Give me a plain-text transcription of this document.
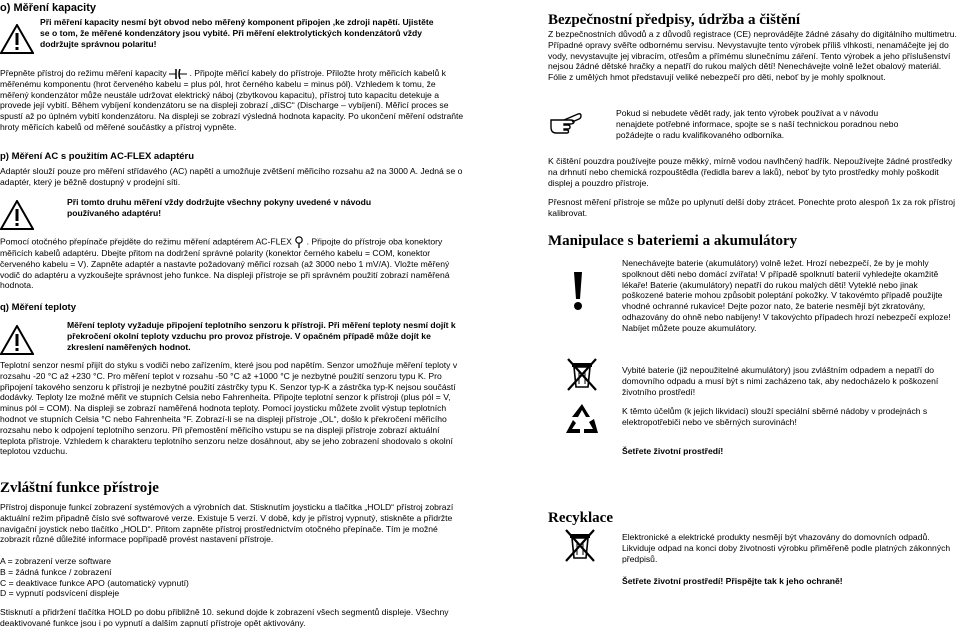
o) Měření kapacity

Při měření kapacity nesmí být obvod nebo měřený komponent připojen ,ke zdroji napětí. Ujistěte se o tom, že měřené kondenzátory jsou vybité. Při měření elektrolytických kondenzátorů vždy dodržujte správnou polaritu!

Přepněte přístroj do režimu měření kapacity	. Připojte měřicí kabely do přístroje. Přiložte hroty měřicích kabelů k měřenému komponentu (hrot červeného kabelu = plus pól, hrot černého kabelu = minus pól). Vzhledem k tomu, že měřený kondenzátor může neustále udržovat elektrický náboj (zbytkovou kapacitu), přístroj tuto kapacitu detekuje a provede její vybití. Během vybíjení kondenzátoru se na displeji zobrazí „diSC“ (Discharge – vybíjení). Měřicí proces se spustí až po úplném vybití kondenzátoru. Na displeji se zobrazí výsledná hodnota kapacity. Po ukončení měření odstraňte hroty měřicích kabelů od měřené součástky a přístroj vypněte.

p) Měření AC s použitím AC-FLEX adaptéru

Adaptér slouží pouze pro měření střídavého (AC) napětí a umožňuje zvětšení měřicího rozsahu až na 3000 A. Jedná se o adaptér, který je běžně dostupný v prodejní síti.

Při tomto druhu měření vždy dodržujte všechny pokyny uvedené v návodu používaného adaptéru!

Pomocí otočného přepínače přejděte do režimu měření adaptérem AC-FLEX . Připojte do přístroje oba konektory měřicích kabelů adaptéru. Dbejte přitom na dodržení správné polarity (konektor černého kabelu = COM, konektor červeného kabelu = V). Zapněte adaptér a nastavte požadovaný měřicí rozsah (až 3000 nebo 1 mV/A). Vložte měřený vodič do adaptéru a vyzkoušejte správnost jeho funkce. Na displeji přístroje se při správném použití zobrazí naměřená hodnota.

q) Měření teploty

Měření teploty vyžaduje připojení teplotního senzoru k přístroji. Při měření teploty nesmí dojít k překročení okolní teploty vzduchu pro provoz přístroje. V opačném případě může dojít ke zkreslení naměřených hodnot.

Teplotní senzor nesmí přijít do styku s vodiči nebo zařízením, které jsou pod napětím. Senzor umožňuje měření teploty v rozsahu -20 °C až +230 °C. Pro měření teplot v rozsahu -50 °C až +1000 °C je nezbytné použití senzoru typu K. Pro připojení takového senzoru k přístroji je nezbytné použití zástrčky typu K. Senzor typ-K a zástrčka typ-K nejsou součástí dodávky. Teploty lze možné měřit ve stupních Celsia nebo Fahrenheita. Připojte teplotní senzor k přístroji (plus pól = V, minus pól = COM). Na displeji se zobrazí naměřená hodnota teploty. Pomocí joysticku můžete zvolit výstup teplotních hodnot ve stupních Celsia °C nebo Fahrenheita °F. Zobrazí-li se na displeji přístroje „OL“, došlo k překročení měřicího rozsahu nebo k odpojení teplotního senzoru. Při přemostění měřicího vstupu se na displeji přístroje zobrazí aktuální teplota přístroje. Vzhledem k charakteru teplotního senzoru nelze dosáhnout, aby se jeho zobrazení shodovalo s okolní teplotou vzduchu.

Zvláštní funkce přístroje

Přístroj disponuje funkcí zobrazení systémových a výrobních dat. Stisknutím joysticku a tlačítka „HOLD“ přístroj zobrazí aktuální režim připadně číslo své softwarové verze. Existuje 5 verzí. V době, kdy je přístroj vypnutý, stiskněte a přidržte navigační joystick nebo tlačítko „HOLD“. Přitom zapněte přístroj prostřednictvím otočného přepínače. Tím je možné zobrazit různé důležité informace popřípadě provést nastavení přístroje.

A = zobrazení verze software
B = žádná funkce / zobrazení
C = deaktivace funkce APO (automatický vypnutí)
D = vypnutí podsvícení displeje

Stisknutí a přidržení tlačítka HOLD po dobu přibližně 10. sekund dojde k zobrazení všech segmentů displeje. Všechny deaktivované funkce jsou i po vypnutí a dalším zapnutí přístroje opět aktivovány.

Bezpečnostní předpisy, údržba a čištění

Z bezpečnostních důvodů a z důvodů registrace (CE) neprovádějte žádné zásahy do digitálního multimetru. Případné opravy svěřte odbornému servisu. Nevystavujte tento výrobek příliš vlhkosti, nenamáčejte jej do vody, nevystavujte jej vibracím, otřesům a přímému slunečnímu záření. Tento výrobek a jeho příslušenství nejsou žádné dětské hračky a nepatří do rukou malých dětí! Nenechávejte volně ležet obalový materiál. Fólie z umělých hmot představují veliké nebezpečí pro děti, neboť by je mohly spolknout.

Pokud si nebudete vědět rady, jak tento výrobek používat a v návodu nenajdete potřebné informace, spojte se s naší technickou poradnou nebo požádejte o radu kvalifikovaného odborníka.

K čištění pouzdra používejte pouze měkký, mírně vodou navlhčený hadřík. Nepoužívejte žádné prostředky na drhnutí nebo chemická rozpouštědla (ředidla barev a laků), neboť by tyto prostředky mohly poškodit displej a pouzdro přístroje.

Přesnost měření přístroje se může po uplynutí delší doby ztrácet. Ponechte proto alespoň 1x za rok přístroj kalibrovat.

Manipulace s bateriemi a akumulátory

Nenechávejte baterie (akumulátory) volně ležet. Hrozí nebezpečí, že by je mohly spolknout děti nebo domácí zvířata! V případě spolknutí baterií vyhledejte okamžitě lékaře! Baterie (akumulátory) nepatří do rukou malých dětí! Vyteklé nebo jinak poškozené baterie mohou způsobit poleptání pokožky. V takovémto případě použijte vhodné ochranné rukavice! Dejte pozor nato, že baterie nesmějí být zkratovány, odhazovány do ohně nebo nabíjeny! V takovýchto případech hrozí nebezpečí exploze! Nabíjet můžete pouze akumulátory.

Vybité baterie (již nepoužitelné akumulátory) jsou zvláštním odpadem a nepatří do domovního odpadu a musí být s nimi zacházeno tak, aby nedocházelo k poškození životního prostředí!

K těmto účelům (k jejich likvidaci) slouží speciální sběrné nádoby v prodejnách s elektropotřebiči nebo ve sběrných surovinách!

Šetřete životní prostředí!

Recyklace

Elektronické a elektrické produkty nesmějí být vhazovány do domovních odpadů. Likviduje odpad na konci doby životnosti výrobku přiměřeně podle platných zákonných předpisů.

Šetřete životní prostředí! Přispějte tak k jeho ochraně!
